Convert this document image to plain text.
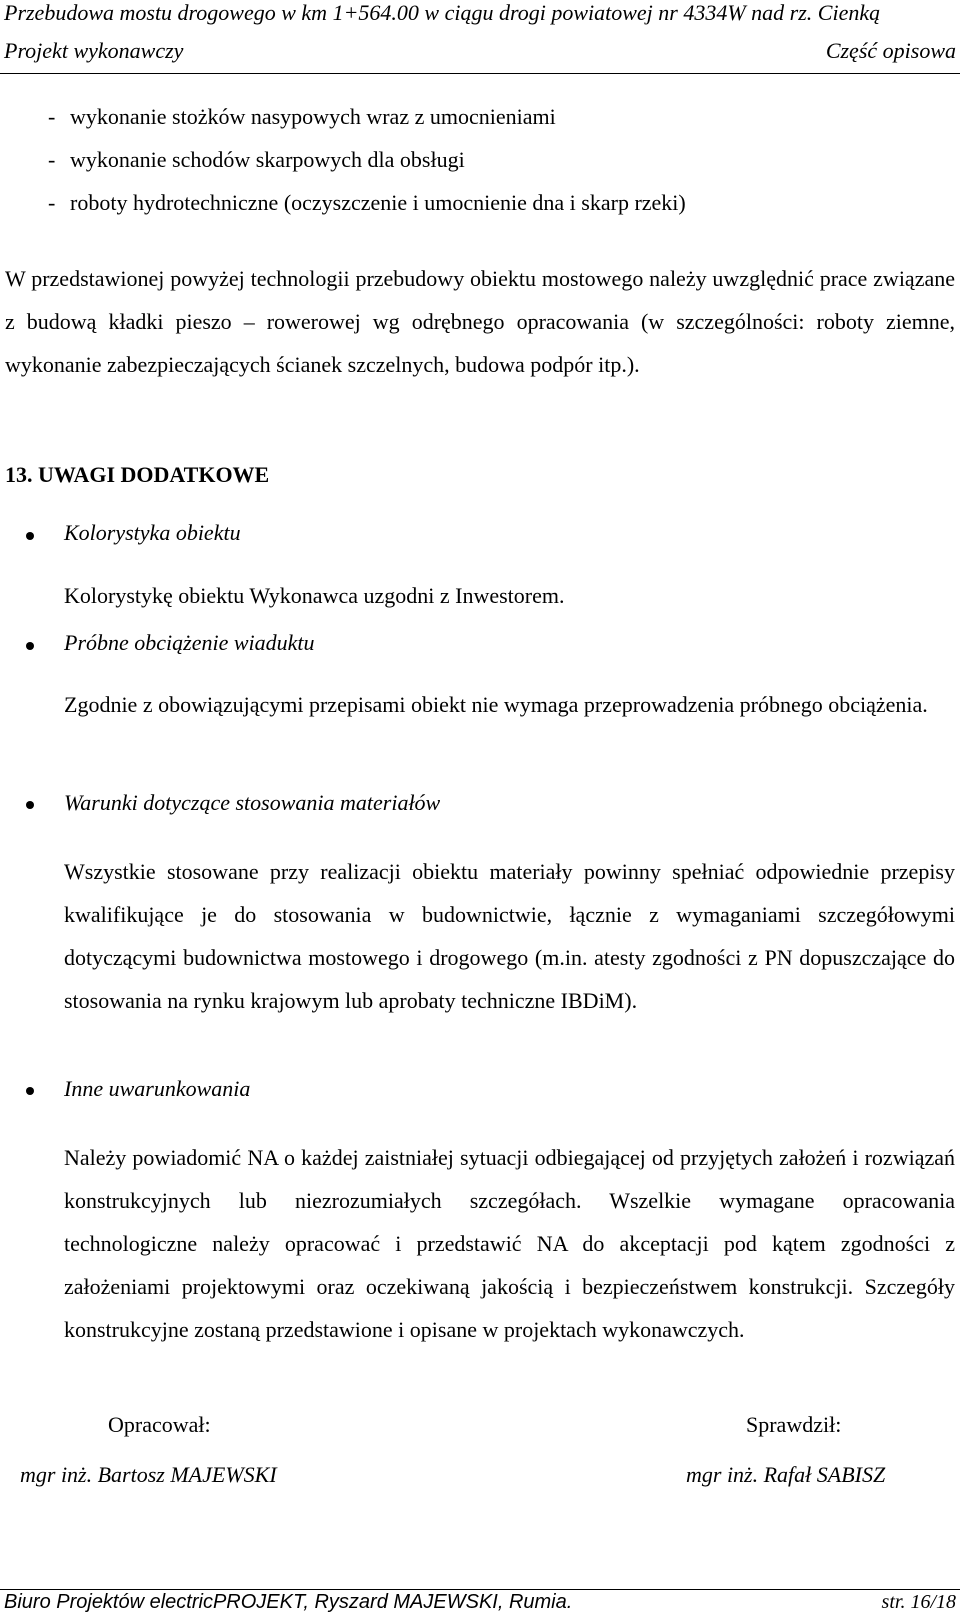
Przebudowa mostu drogowego w km 1+564.00 w ciągu drogi powiatowej nr 4334W nad rz. Cienką
Projekt wykonawczy	Część opisowa
- wykonanie stożków nasypowych wraz z umocnieniami
- wykonanie schodów skarpowych dla obsługi
- roboty hydrotechniczne (oczyszczenie i umocnienie dna i skarp rzeki)

W przedstawionej powyżej technologii przebudowy obiektu mostowego należy uwzględnić prace związane z budową kładki pieszo – rowerowej wg odrębnego opracowania (w szczególności: roboty ziemne, wykonanie zabezpieczających ścianek szczelnych, budowa podpór itp.).

13. UWAGI DODATKOWE
Kolorystyka obiektu

Kolorystykę obiektu Wykonawca uzgodni z Inwestorem.

Próbne obciążenie wiaduktu

Zgodnie z obowiązującymi przepisami obiekt nie wymaga przeprowadzenia próbnego obciążenia.

Warunki dotyczące stosowania materiałów

Wszystkie stosowane przy realizacji obiektu materiały powinny spełniać odpowiednie przepisy kwalifikujące je do stosowania w budownictwie, łącznie z wymaganiami szczegółowymi dotyczącymi budownictwa mostowego i drogowego (m.in. atesty zgodności z PN dopuszczające do stosowania na rynku krajowym lub aprobaty techniczne IBDiM).

Inne uwarunkowania

Należy powiadomić NA o każdej zaistniałej sytuacji odbiegającej od przyjętych założeń i rozwiązań konstrukcyjnych lub niezrozumiałych szczegółach. Wszelkie wymagane opracowania technologiczne należy opracować i przedstawić NA do akceptacji pod kątem zgodności z założeniami projektowymi oraz oczekiwaną jakością i bezpieczeństwem konstrukcji. Szczegóły konstrukcyjne zostaną przedstawione i opisane w projektach wykonawczych.

Opracował:
mgr inż. Bartosz MAJEWSKI
Sprawdził:
mgr inż. Rafał SABISZ
Biuro Projektów electricPROJEKT, Ryszard MAJEWSKI, Rumia.	str. 16/18
